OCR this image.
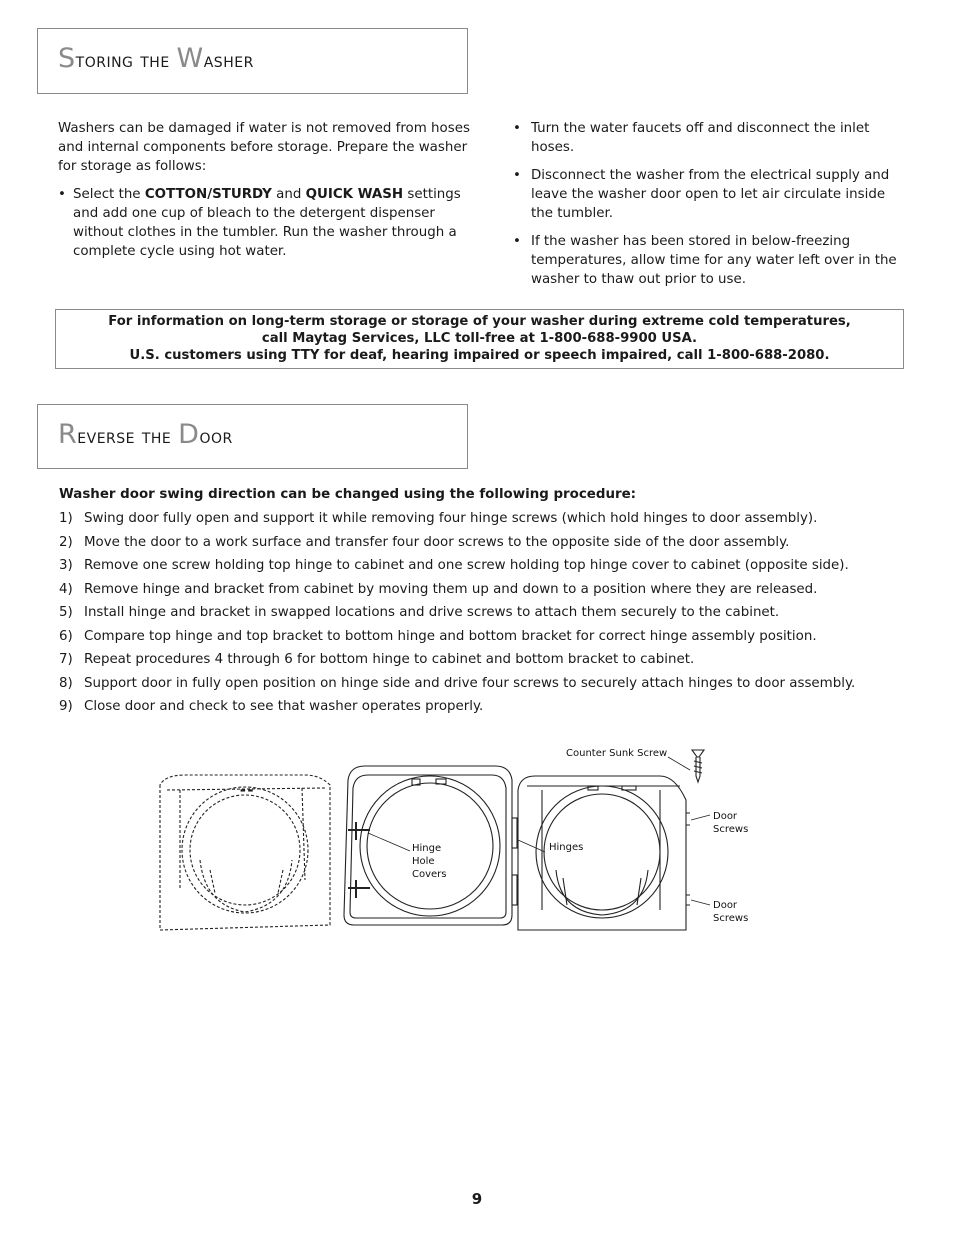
Storing the Washer

Washers can be damaged if water is not removed from hoses and internal components before storage. Prepare the washer for storage as follows:

• Select the COTTON/STURDY and QUICK WASH settings and add one cup of bleach to the detergent dispenser without clothes in the tumbler. Run the washer through a complete cycle using hot water.
• Turn the water faucets off and disconnect the inlet hoses.
• Disconnect the washer from the electrical supply and leave the washer door open to let air circulate inside the tumbler.
• If the washer has been stored in below-freezing temperatures, allow time for any water left over in the washer to thaw out prior to use.
For information on long-term storage or storage of your washer during extreme cold temperatures,
call Maytag Services, LLC toll-free at 1-800-688-9900 USA.
U.S. customers using TTY for deaf, hearing impaired or speech impaired, call 1-800-688-2080.
Reverse the Door

Washer door swing direction can be changed using the following procedure:

1) Swing door fully open and support it while removing four hinge screws (which hold hinges to door assembly).
2) Move the door to a work surface and transfer four door screws to the opposite side of the door assembly.
3) Remove one screw holding top hinge to cabinet and one screw holding top hinge cover to cabinet (opposite side).
4) Remove hinge and bracket from cabinet by moving them up and down to a position where they are released.
5) Install hinge and bracket in swapped locations and drive screws to attach them securely to the cabinet.
6) Compare top hinge and top bracket to bottom hinge and bottom bracket for correct hinge assembly position.
7) Repeat procedures 4 through 6 for bottom hinge to cabinet and bottom bracket to cabinet.
8) Support door in fully open position on hinge side and drive four screws to securely attach hinges to door assembly.
9) Close door and check to see that washer operates properly.
▬ ▬
Counter Sunk Screw
Hinge
Hole
Covers
Hinges
Door
Screws
Door
Screws

9
